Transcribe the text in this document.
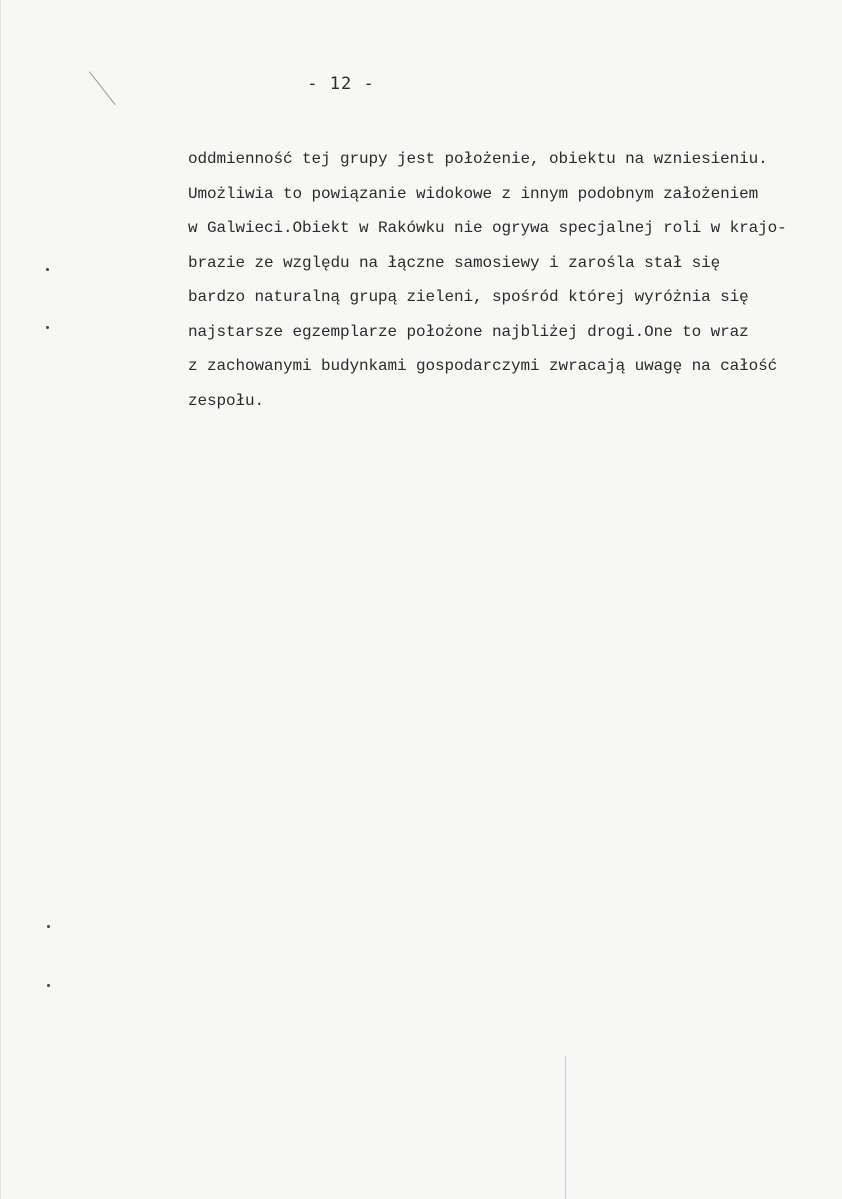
- 12 -
oddmienność tej grupy jest położenie, obiektu na wzniesieniu.
Umożliwia to powiązanie widokowe z innym podobnym założeniem
w Galwieci.Obiekt w Rakówku nie ogrywa specjalnej roli w krajo-
brazie ze względu na łączne samosiewy i zarośla stał się
bardzo naturalną grupą zieleni, spośród której wyróżnia się
najstarsze egzemplarze położone najbliżej drogi.One to wraz
z zachowanymi budynkami gospodarczymi zwracają uwagę na całość
zespołu.
